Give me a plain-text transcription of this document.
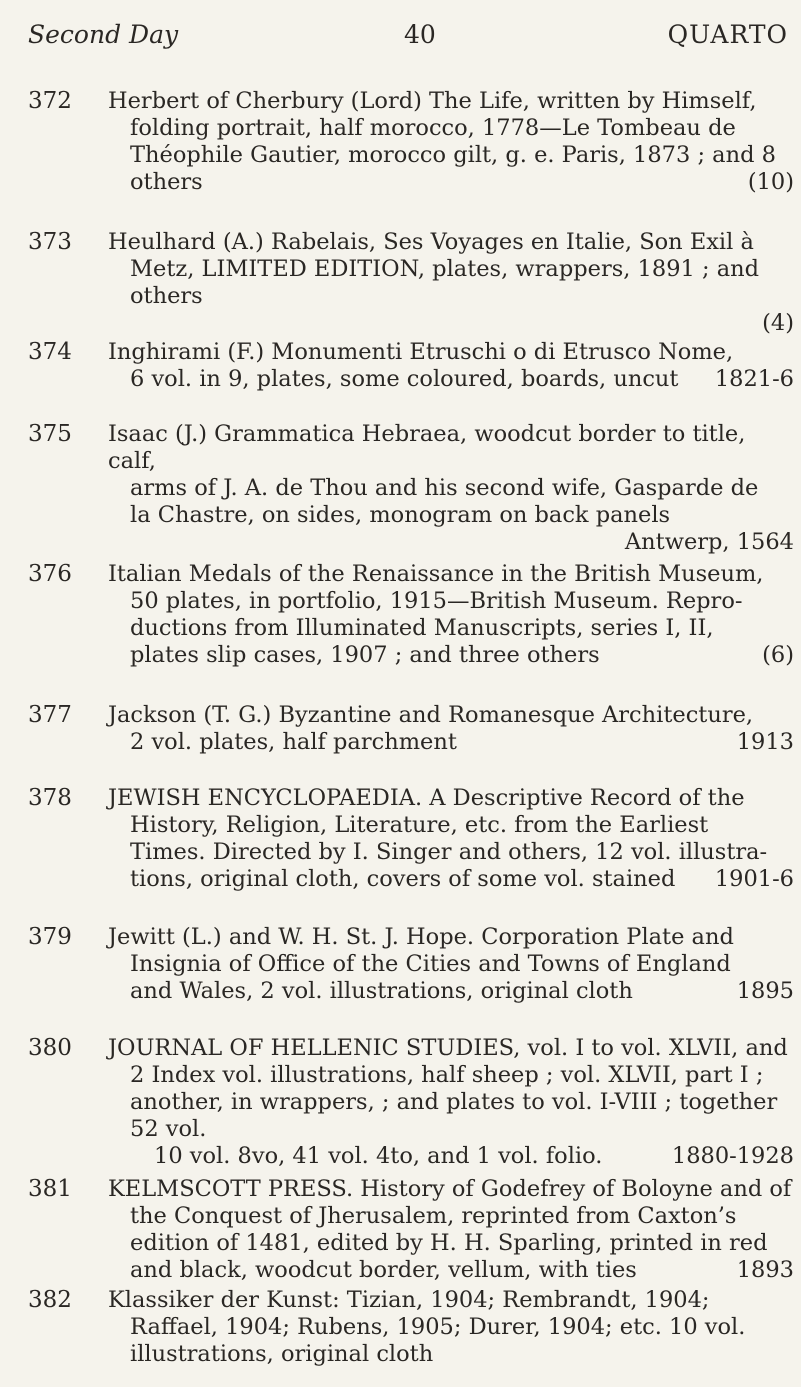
Second Day	40	QUARTO
372 Herbert of Cherbury (Lord) The Life, written by Himself,

folding portrait, half morocco, 1778—Le Tombeau de

Théophile Gautier, morocco gilt, g. e. Paris, 1873 ; and 8

others	(10)
373 Heulhard (A.) Rabelais, Ses Voyages en Italie, Son Exil à

Metz, LIMITED EDITION, plates, wrappers, 1891 ; and others

(4)

374 Inghirami (F.) Monumenti Etruschi o di Etrusco Nome,

6 vol. in 9, plates, some coloured, boards, uncut 1821-6
375 Isaac (J.) Grammatica Hebraea, woodcut border to title, calf,

arms of J. A. de Thou and his second wife, Gasparde de

la Chastre, on sides, monogram on back panels

Antwerp, 1564

376 Italian Medals of the Renaissance in the British Museum,

50 plates, in portfolio, 1915—British Museum. Repro-

ductions from Illuminated Manuscripts, series I, II,

plates slip cases, 1907 ; and three others	(6)
377 Jackson (T. G.) Byzantine and Romanesque Architecture,

2 vol. plates, half parchment	1913
378 JEWISH ENCYCLOPAEDIA. A Descriptive Record of the

History, Religion, Literature, etc. from the Earliest

Times. Directed by I. Singer and others, 12 vol. illustra-

tions, original cloth, covers of some vol. stained 1901-6
379 Jewitt (L.) and W. H. St. J. Hope. Corporation Plate and

Insignia of Office of the Cities and Towns of England

and Wales, 2 vol. illustrations, original cloth	1895
380 JOURNAL OF HELLENIC STUDIES, vol. I to vol. XLVII, and

2 Index vol. illustrations, half sheep ; vol. XLVII, part I ;

another, in wrappers, ; and plates to vol. I-VIII ; together

52 vol.

10 vol. 8vo, 41 vol. 4to, and 1 vol. folio.	1880-1928
381 KELMSCOTT PRESS. History of Godefrey of Boloyne and of

the Conquest of Jherusalem, reprinted from Caxton’s

edition of 1481, edited by H. H. Sparling, printed in red

and black, woodcut border, vellum, with ties	1893
382 Klassiker der Kunst: Tizian, 1904; Rembrandt, 1904;

Raffael, 1904; Rubens, 1905; Durer, 1904; etc. 10 vol.

illustrations, original cloth
